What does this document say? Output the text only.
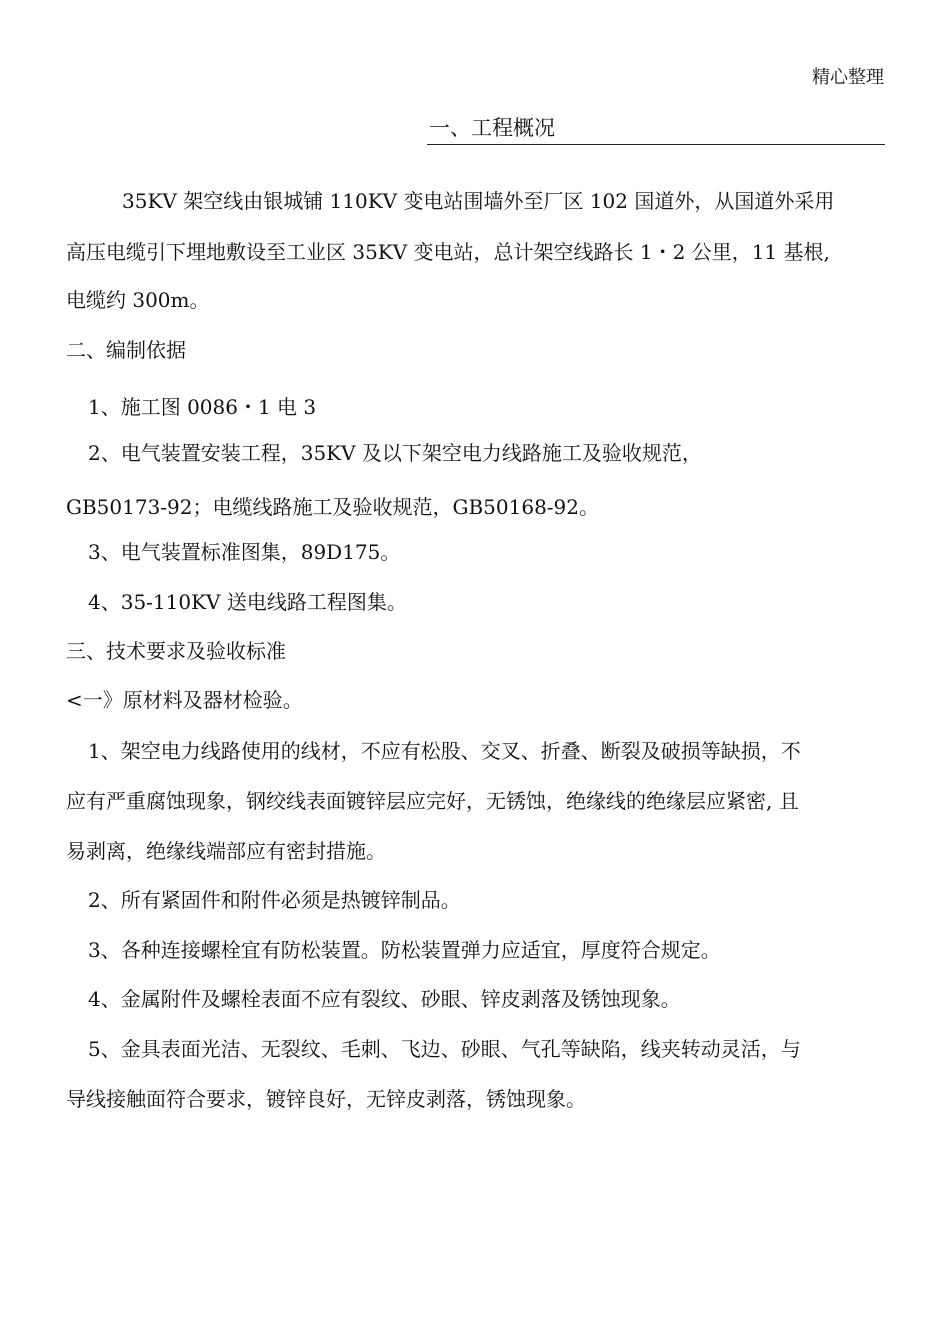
精心整理
一、工程概况
35KV 架空线由银城铺 110KV 变电站围墙外至厂区 102 国道外，从国道外采用
高压电缆引下埋地敷设至工业区 35KV 变电站，总计架空线路长 1・2 公里，11 基根,
电缆约 300m。
二、编制依据
1、施工图 0086・1 电 3
2、电气装置安装工程，35KV 及以下架空电力线路施工及验收规范，
GB50173-92；电缆线路施工及验收规范，GB50168-92。
3、电气装置标准图集，89D175。
4、35-110KV 送电线路工程图集。
三、技术要求及验收标准
<一》原材料及器材检验。
1、架空电力线路使用的线材，不应有松股、交叉、折叠、断裂及破损等缺损，不
应有严重腐蚀现象，钢绞线表面镀锌层应完好，无锈蚀，绝缘线的绝缘层应紧密, 且
易剥离，绝缘线端部应有密封措施。
2、所有紧固件和附件必须是热镀锌制品。
3、各种连接螺栓宜有防松装置。防松装置弹力应适宜，厚度符合规定。
4、金属附件及螺栓表面不应有裂纹、砂眼、锌皮剥落及锈蚀现象。
5、金具表面光洁、无裂纹、毛刺、飞边、砂眼、气孔等缺陷，线夹转动灵活，与
导线接触面符合要求，镀锌良好，无锌皮剥落，锈蚀现象。
